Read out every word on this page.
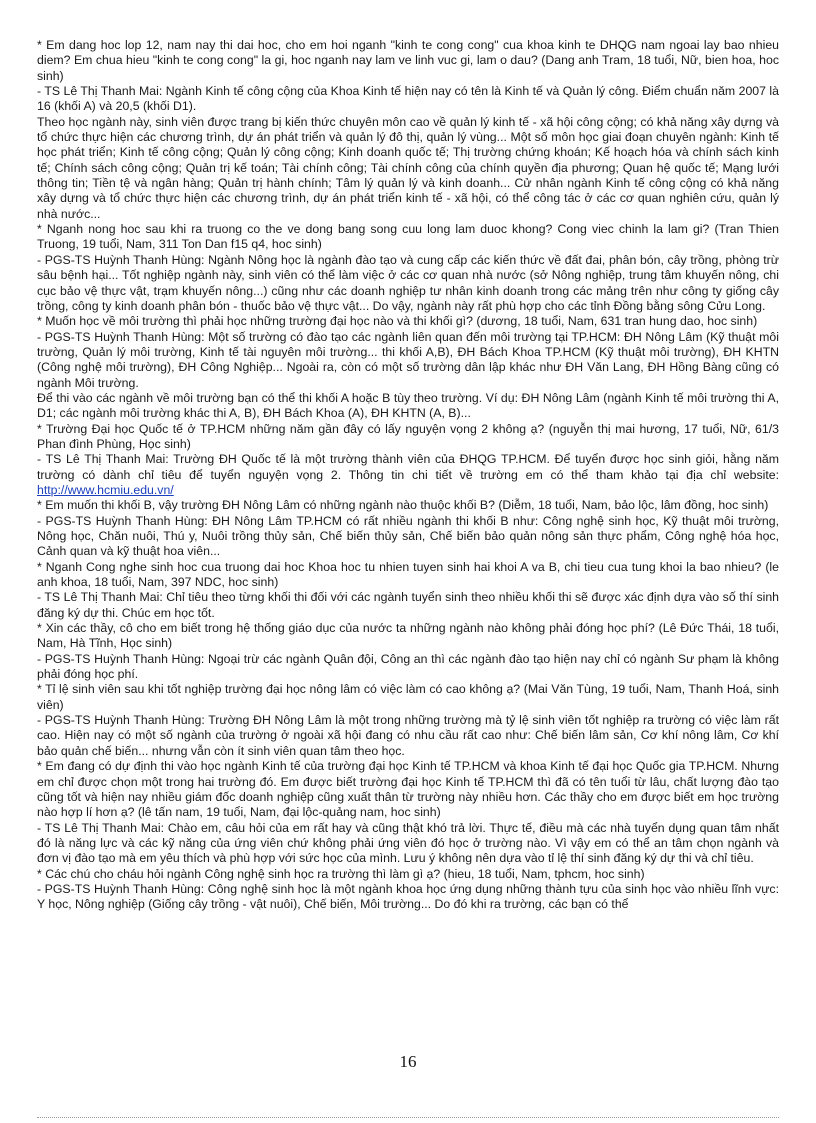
* Em dang hoc lop 12, nam nay thi dai hoc, cho em hoi nganh "kinh te cong cong" cua khoa kinh te DHQG nam ngoai lay bao nhieu diem? Em chua hieu "kinh te cong cong" la gi, hoc nganh nay lam ve linh vuc gi, lam o dau? (Dang anh Tram, 18 tuổi, Nữ, bien hoa, hoc sinh)

- TS Lê Thị Thanh Mai: Ngành Kinh tế công cộng của Khoa Kinh tế hiện nay có tên là Kinh tế và Quản lý công. Điểm chuẩn năm 2007 là 16 (khối A) và 20,5 (khối D1).

Theo học ngành này, sinh viên được trang bị kiến thức chuyên môn cao về quản lý kinh tế - xã hội công cộng; có khả năng xây dựng và tổ chức thực hiện các chương trình, dự án phát triển và quản lý đô thị, quản lý vùng... Một số môn học giai đoạn chuyên ngành: Kinh tế học phát triển; Kinh tế công cộng; Quản lý công cộng; Kinh doanh quốc tế; Thị trường chứng khoán; Kế hoạch hóa và chính sách kinh tế; Chính sách công cộng; Quản trị kế toán; Tài chính công; Tài chính công của chính quyền địa phương; Quan hệ quốc tế; Mạng lưới thông tin; Tiền tệ và ngân hàng; Quản trị hành chính; Tâm lý quản lý và kinh doanh... Cử nhân ngành Kinh tế công cộng có khả năng xây dựng và tổ chức thực hiện các chương trình, dự án phát triển kinh tế - xã hội, có thể công tác ở các cơ quan nghiên cứu, quản lý nhà nước...

* Nganh nong hoc sau khi ra truong co the ve dong bang song cuu long lam duoc khong? Cong viec chinh la lam gi? (Tran Thien Truong, 19 tuổi, Nam, 311 Ton Dan f15 q4, hoc sinh)

- PGS-TS Huỳnh Thanh Hùng: Ngành Nông học là ngành đào tạo và cung cấp các kiến thức về đất đai, phân bón, cây trồng, phòng trừ sâu bệnh hại... Tốt nghiệp ngành này, sinh viên có thể làm việc ở các cơ quan nhà nước (sở Nông nghiệp, trung tâm khuyến nông, chi cục bảo vệ thực vật, trạm khuyến nông...) cũng như các doanh nghiệp tư nhân kinh doanh trong các mảng trên như công ty giống cây trồng, công ty kinh doanh phân bón - thuốc bảo vệ thực vật... Do vậy, ngành này rất phù hợp cho các tỉnh Đồng bằng sông Cửu Long.

* Muốn học về môi trường thì phải học những trường đại học nào và thi khối gì? (dương, 18 tuổi, Nam, 631 tran hung dao, hoc sinh)

- PGS-TS Huỳnh Thanh Hùng: Một số trường có đào tạo các ngành liên quan đến môi trường tại TP.HCM: ĐH Nông Lâm (Kỹ thuật môi trường, Quản lý môi trường, Kinh tế tài nguyên môi trường... thi khối A,B), ĐH Bách Khoa TP.HCM (Kỹ thuật môi trường), ĐH KHTN (Công nghệ môi trường), ĐH Công Nghiệp... Ngoài ra, còn có một số trường dân lập khác như ĐH Văn Lang, ĐH Hồng Bàng cũng có ngành Môi trường.

Để thi vào các ngành về môi trường bạn có thể thi khối A hoặc B tùy theo trường. Ví dụ: ĐH Nông Lâm (ngành Kinh tế môi trường thi A, D1; các ngành môi trường khác thi A, B), ĐH Bách Khoa (A), ĐH KHTN (A, B)...

* Trường Đại học Quốc tế ở TP.HCM những năm gần đây có lấy nguyện vọng 2 không ạ? (nguyễn thị mai hương, 17 tuổi, Nữ, 61/3 Phan đình Phùng, Học sinh)

- TS Lê Thị Thanh Mai: Trường ĐH Quốc tế là một trường thành viên của ĐHQG TP.HCM. Để tuyển được học sinh giỏi, hằng năm trường có dành chỉ tiêu để tuyển nguyện vọng 2. Thông tin chi tiết về trường em có thể tham khảo tại địa chỉ website: http://www.hcmiu.edu.vn/

* Em muốn thi khối B, vậy trường ĐH Nông Lâm có những ngành nào thuộc khối B? (Diễm, 18 tuổi, Nam, bảo lộc, lâm đồng, hoc sinh)

- PGS-TS Huỳnh Thanh Hùng: ĐH Nông Lâm TP.HCM có rất nhiều ngành thi khối B như: Công nghệ sinh học, Kỹ thuật môi trường, Nông học, Chăn nuôi, Thú y, Nuôi trồng thủy sản, Chế biến thủy sản, Chế biến bảo quản nông sản thực phẩm, Công nghệ hóa học, Cảnh quan và kỹ thuật hoa viên...

* Nganh Cong nghe sinh hoc cua truong dai hoc Khoa hoc tu nhien tuyen sinh hai khoi A va B, chi tieu cua tung khoi la bao nhieu? (le anh khoa, 18 tuổi, Nam, 397 NDC, hoc sinh)

- TS Lê Thị Thanh Mai: Chỉ tiêu theo từng khối thi đối với các ngành tuyển sinh theo nhiều khối thi sẽ được xác định dựa vào số thí sinh đăng ký dự thi. Chúc em học tốt.

* Xin các thầy, cô cho em biết trong hệ thống giáo dục của nước ta những ngành nào không phải đóng học phí? (Lê Đức Thái, 18 tuổi, Nam, Hà Tĩnh, Học sinh)

- PGS-TS Huỳnh Thanh Hùng: Ngoại trừ các ngành Quân đội, Công an thì các ngành đào tạo hiện nay chỉ có ngành Sư phạm là không phải đóng học phí.

* Tỉ lệ sinh viên sau khi tốt nghiệp trường đại học nông lâm có việc làm có cao không ạ? (Mai Văn Tùng, 19 tuổi, Nam, Thanh Hoá, sinh viên)

- PGS-TS Huỳnh Thanh Hùng: Trường ĐH Nông Lâm là một trong những trường mà tỷ lệ sinh viên tốt nghiệp ra trường có việc làm rất cao. Hiện nay có một số ngành của trường ở ngoài xã hội đang có nhu cầu rất cao như: Chế biến lâm sản, Cơ khí nông lâm, Cơ khí bảo quản chế biến... nhưng vẫn còn ít sinh viên quan tâm theo học.

* Em đang có dự định thi vào học ngành Kinh tế của trường đại học Kinh tế TP.HCM và khoa Kinh tế đại học Quốc gia TP.HCM. Nhưng em chỉ được chọn một trong hai trường đó. Em được biết trường đại học Kinh tế TP.HCM thì đã có tên tuổi từ lâu, chất lượng đào tạo cũng tốt và hiện nay nhiều giám đốc doanh nghiệp cũng xuất thân từ trường này nhiều hơn. Các thầy cho em được biết em học trường nào hợp lí hơn ạ? (lê tấn nam, 19 tuổi, Nam, đại lộc-quảng nam, hoc sinh)

- TS Lê Thị Thanh Mai: Chào em, câu hỏi của em rất hay và cũng thật khó trả lời. Thực tế, điều mà các nhà tuyển dụng quan tâm nhất đó là năng lực và các kỹ năng của ứng viên chứ không phải ứng viên đó học ở trường nào. Vì vậy em có thể an tâm chọn ngành và đơn vị đào tạo mà em yêu thích và phù hợp với sức học của mình. Lưu ý không nên dựa vào tỉ lệ thí sinh đăng ký dự thi và chỉ tiêu.

* Các chú cho cháu hỏi ngành Công nghệ sinh học ra trường thì làm gì ạ? (hieu, 18 tuổi, Nam, tphcm, hoc sinh)

- PGS-TS Huỳnh Thanh Hùng: Công nghệ sinh học là một ngành khoa học ứng dụng những thành tựu của sinh học vào nhiều lĩnh vực: Y học, Nông nghiệp (Giống cây trồng - vật nuôi), Chế biến, Môi trường... Do đó khi ra trường, các bạn có thể

16
